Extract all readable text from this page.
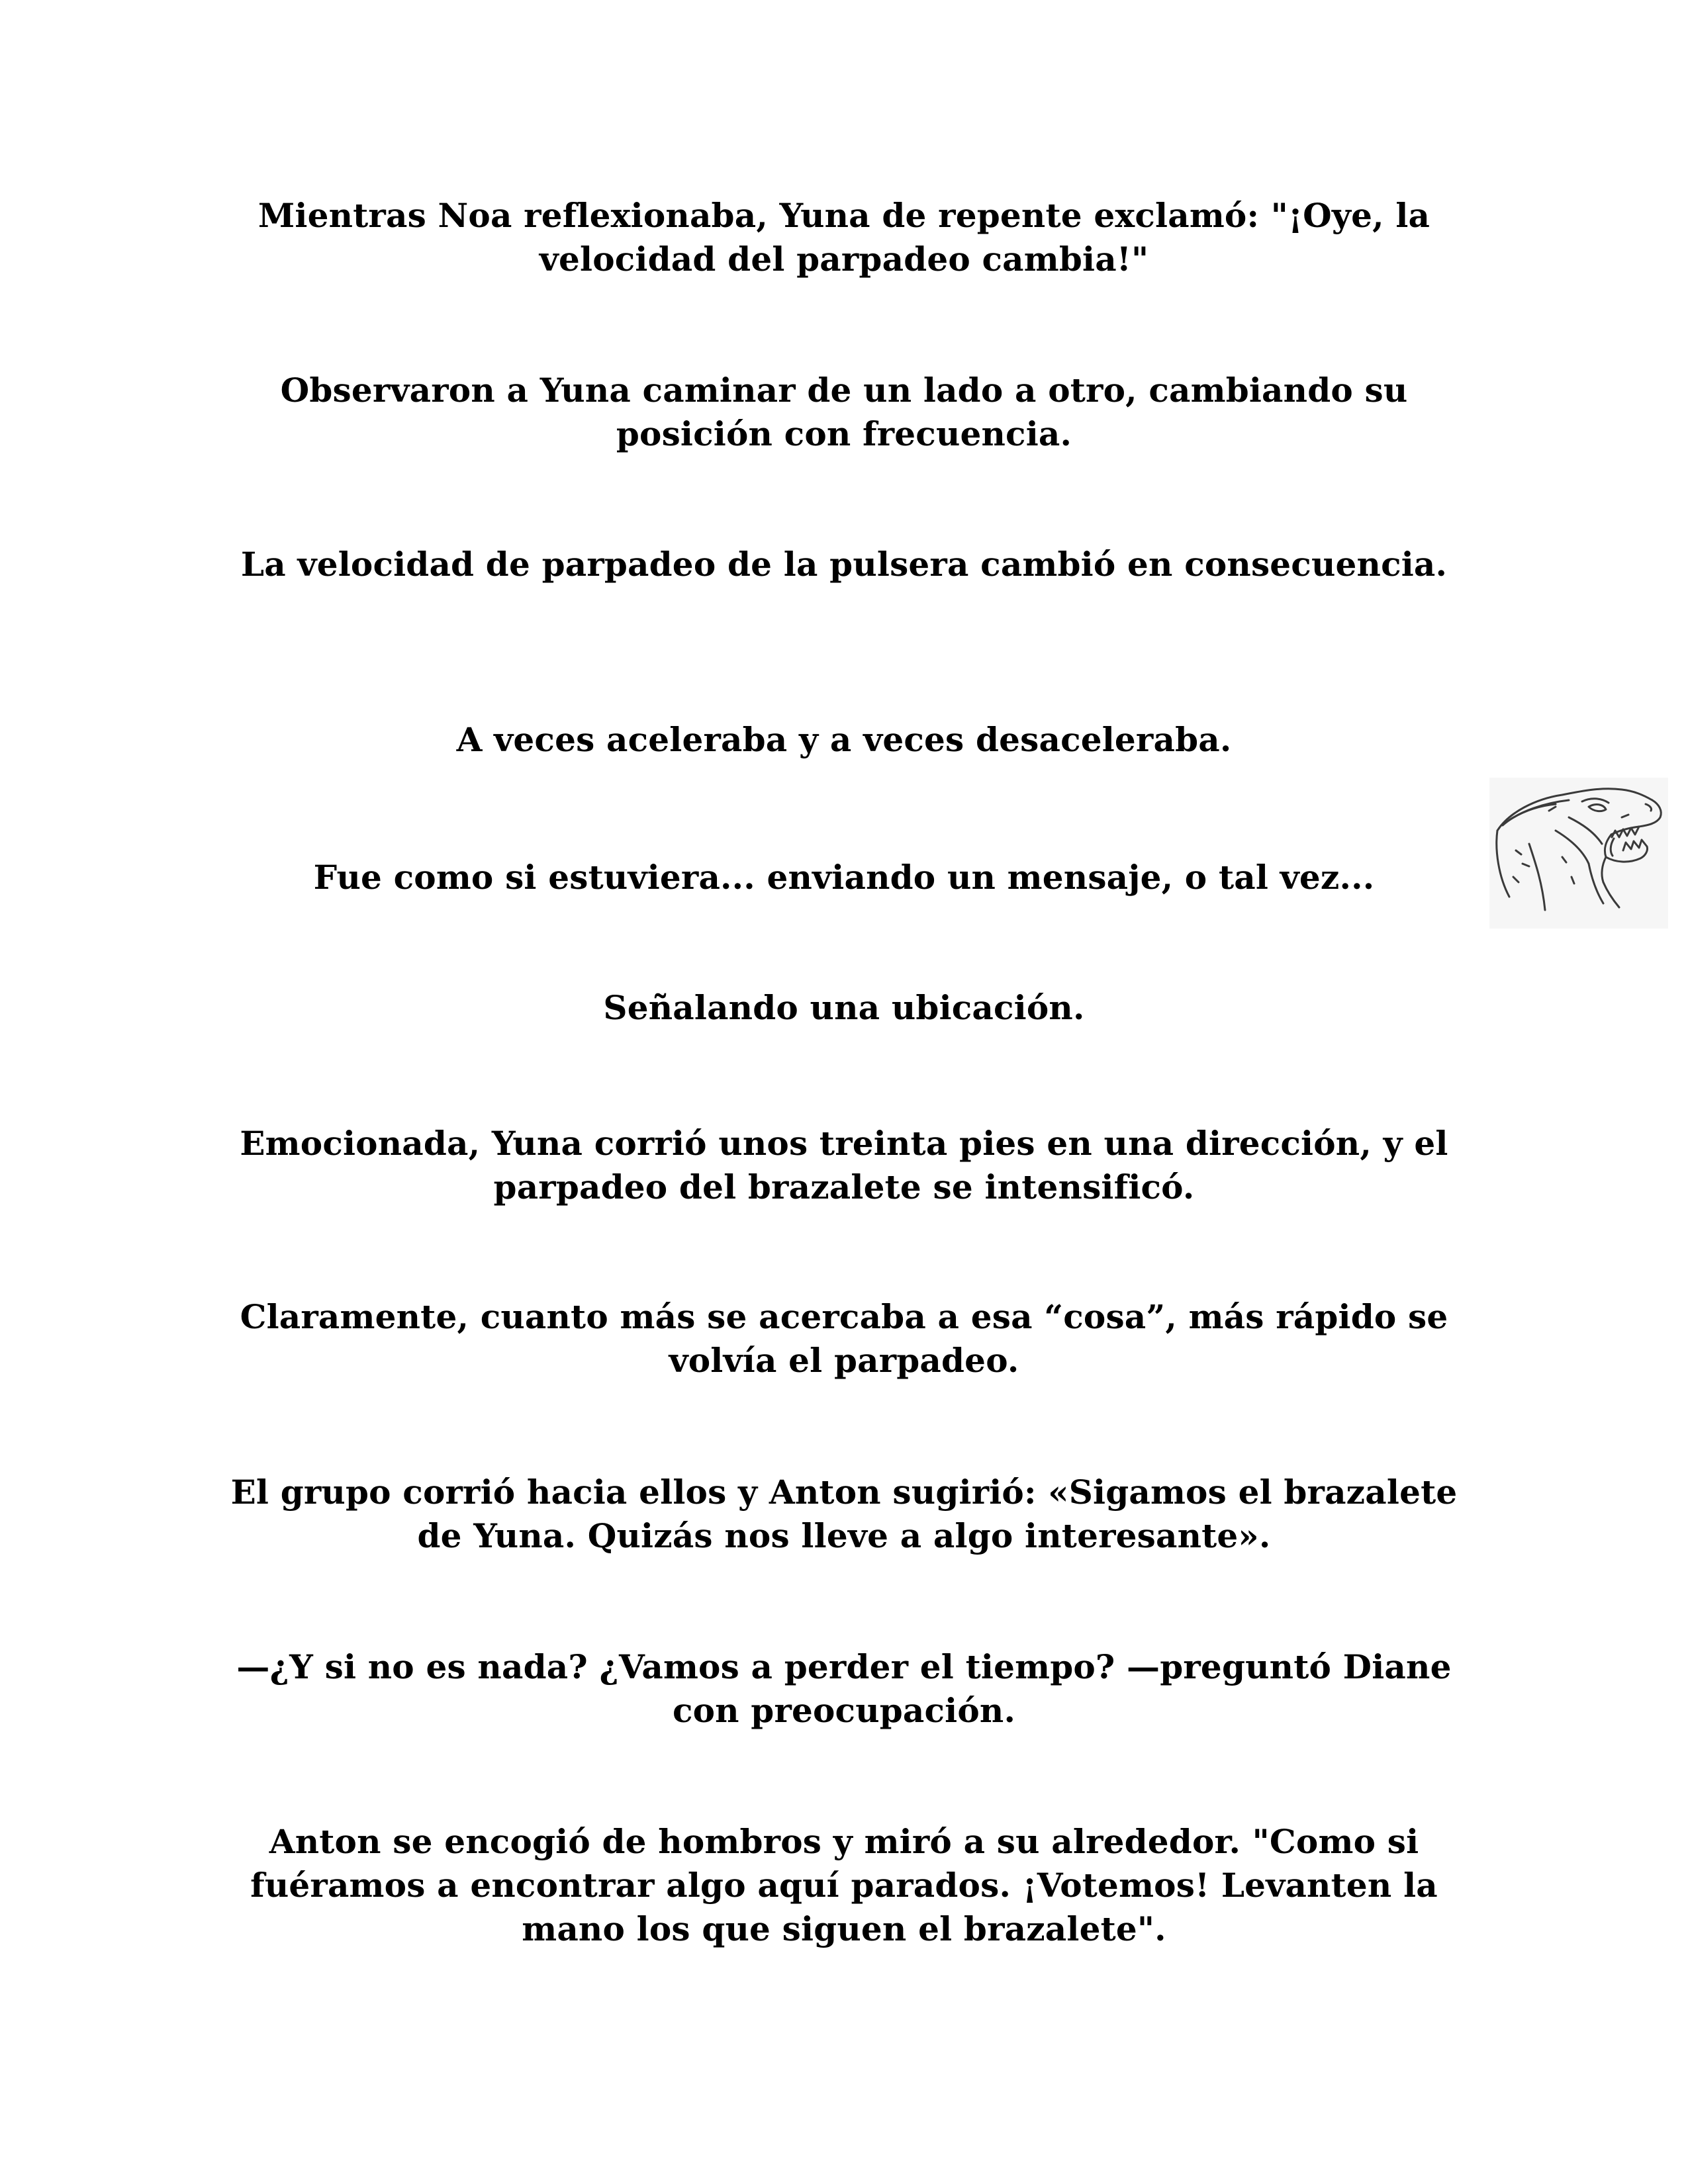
Mientras Noa reflexionaba, Yuna de repente exclamó: "¡Oye, la velocidad del parpadeo cambia!"

Observaron a Yuna caminar de un lado a otro, cambiando su posición con frecuencia.

La velocidad de parpadeo de la pulsera cambió en consecuencia.

A veces aceleraba y a veces desaceleraba.

Fue como si estuviera... enviando un mensaje, o tal vez...

Señalando una ubicación.

Emocionada, Yuna corrió unos treinta pies en una dirección, y el parpadeo del brazalete se intensificó.

Claramente, cuanto más se acercaba a esa “cosa”, más rápido se volvía el parpadeo.

El grupo corrió hacia ellos y Anton sugirió: «Sigamos el brazalete de Yuna. Quizás nos lleve a algo interesante».

—¿Y si no es nada? ¿Vamos a perder el tiempo? —preguntó Diane con preocupación.

Anton se encogió de hombros y miró a su alrededor. "Como si fuéramos a encontrar algo aquí parados. ¡Votemos! Levanten la mano los que siguen el brazalete".
